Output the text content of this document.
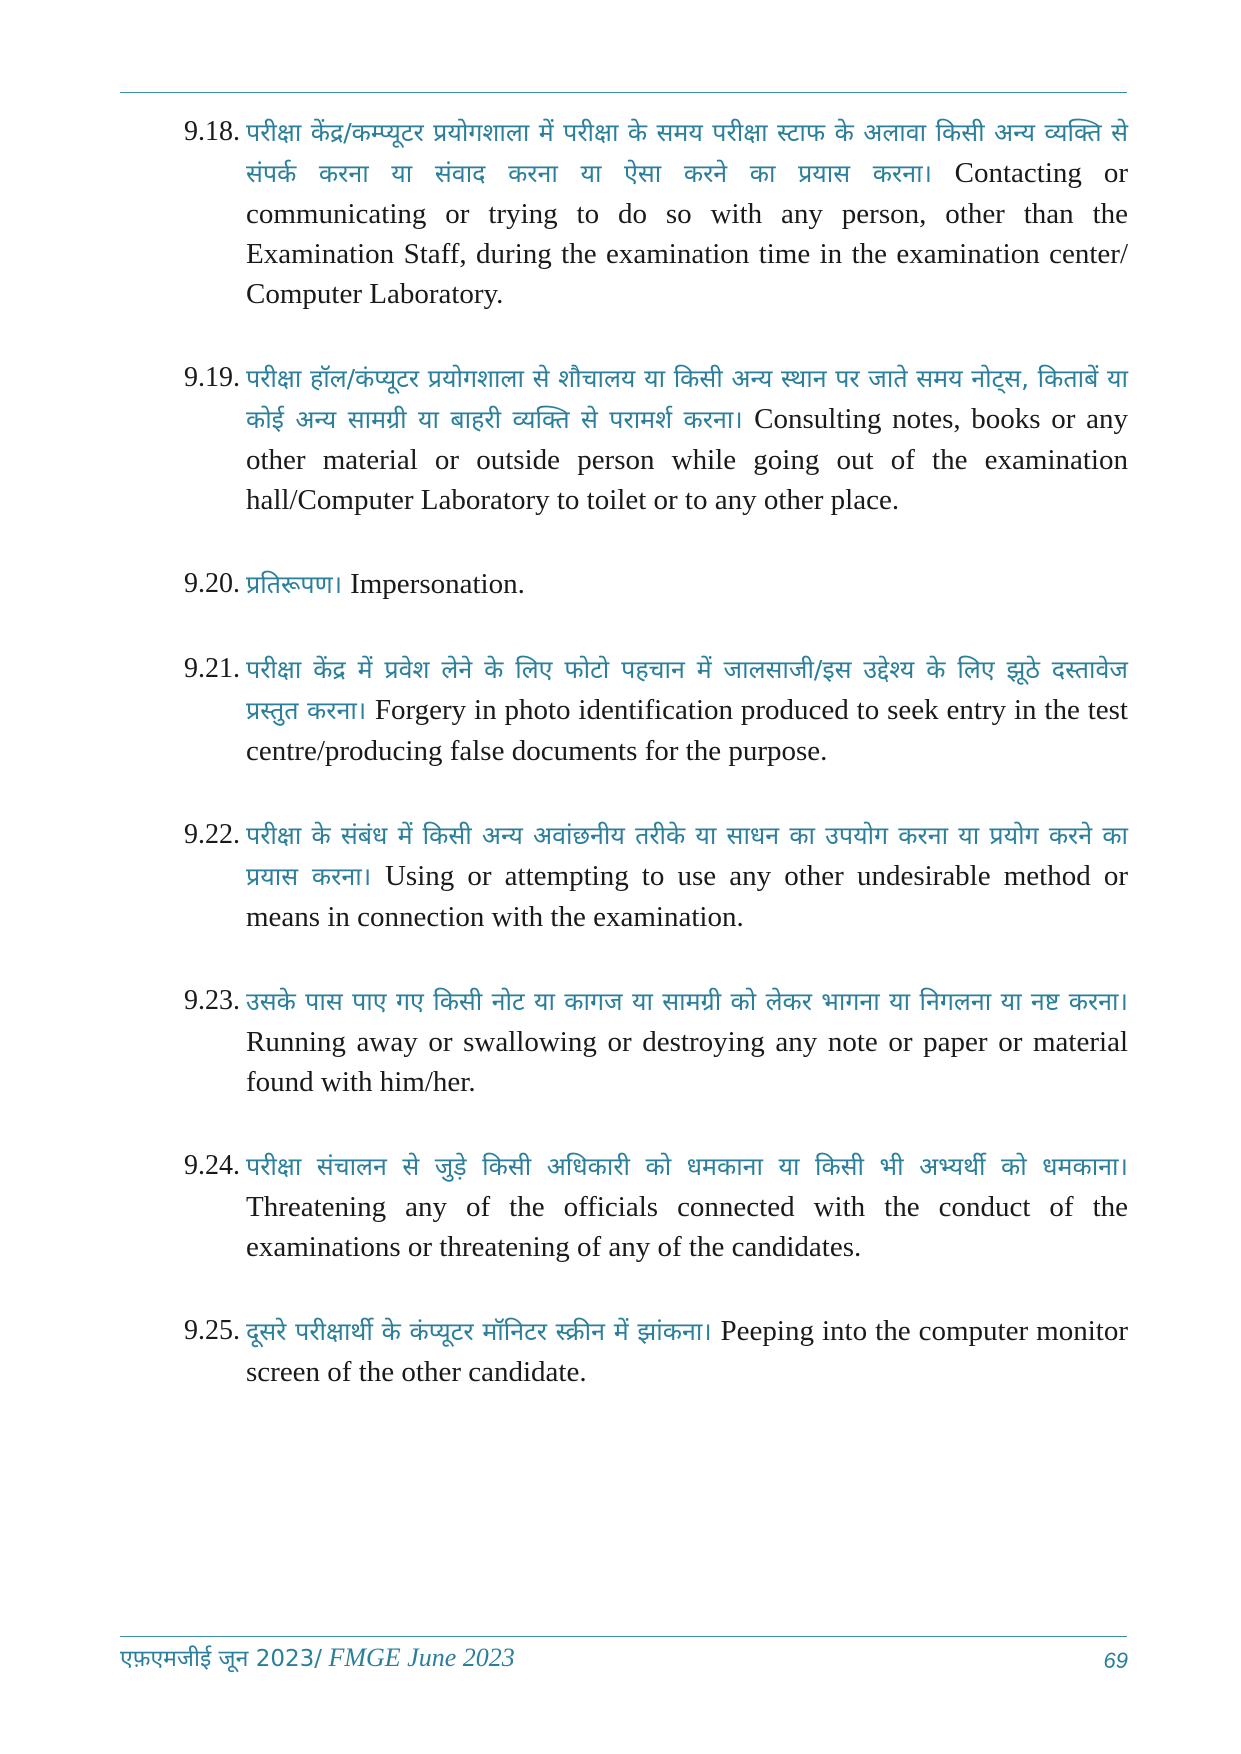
9.18. परीक्षा केंद्र/कम्प्यूटर प्रयोगशाला में परीक्षा के समय परीक्षा स्टाफ के अलावा किसी अन्य व्यक्ति से संपर्क करना या संवाद करना या ऐसा करने का प्रयास करना। Contacting or communicating or trying to do so with any person, other than the Examination Staff, during the examination time in the examination center/ Computer Laboratory.
9.19. परीक्षा हॉल/कंप्यूटर प्रयोगशाला से शौचालय या किसी अन्य स्थान पर जाते समय नोट्स, किताबें या कोई अन्य सामग्री या बाहरी व्यक्ति से परामर्श करना। Consulting notes, books or any other material or outside person while going out of the examination hall/Computer Laboratory to toilet or to any other place.
9.20. प्रतिरूपण। Impersonation.
9.21. परीक्षा केंद्र में प्रवेश लेने के लिए फोटो पहचान में जालसाजी/इस उद्देश्य के लिए झूठे दस्तावेज प्रस्तुत करना। Forgery in photo identification produced to seek entry in the test centre/producing false documents for the purpose.
9.22. परीक्षा के संबंध में किसी अन्य अवांछनीय तरीके या साधन का उपयोग करना या प्रयोग करने का प्रयास करना। Using or attempting to use any other undesirable method or means in connection with the examination.
9.23. उसके पास पाए गए किसी नोट या कागज या सामग्री को लेकर भागना या निगलना या नष्ट करना। Running away or swallowing or destroying any note or paper or material found with him/her.
9.24. परीक्षा संचालन से जुड़े किसी अधिकारी को धमकाना या किसी भी अभ्यर्थी को धमकाना। Threatening any of the officials connected with the conduct of the examinations or threatening of any of the candidates.
9.25. दूसरे परीक्षार्थी के कंप्यूटर मॉनिटर स्क्रीन में झांकना। Peeping into the computer monitor screen of the other candidate.
एफ़एमजीई जून 2023/ FMGE June 2023	69
